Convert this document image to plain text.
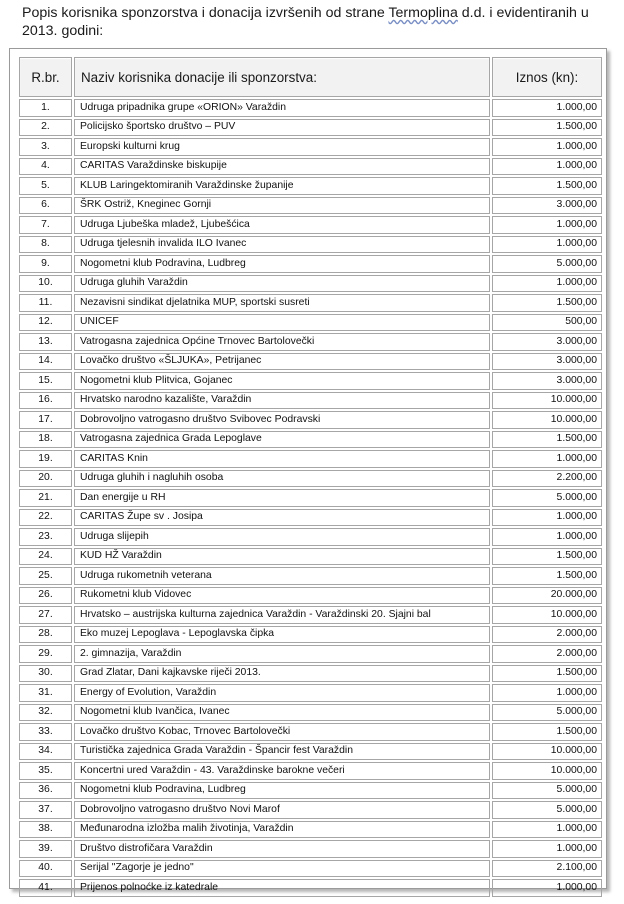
Popis korisnika sponzorstva i donacija izvršenih od strane Termoplina d.d. i evidentiranih u 2013. godini:
R.br.	Naziv korisnika donacije ili sponzorstva:	Iznos (kn):
1.	Udruga pripadnika grupe «ORION» Varaždin	1.000,00
2.	Policijsko športsko društvo – PUV	1.500,00
3.	Europski kulturni krug	1.000,00
4.	CARITAS Varaždinske biskupije	1.000,00
5.	KLUB Laringektomiranih Varaždinske županije	1.500,00
6.	ŠRK Ostriž, Kneginec Gornji	3.000,00
7.	Udruga Ljubeška mladež, Ljubešćica	1.000,00
8.	Udruga tjelesnih invalida ILO Ivanec	1.000,00
9.	Nogometni klub Podravina, Ludbreg	5.000,00
10.	Udruga gluhih Varaždin	1.000,00
11.	Nezavisni sindikat djelatnika MUP, sportski susreti	1.500,00
12.	UNICEF	500,00
13.	Vatrogasna zajednica Općine Trnovec Bartolovečki	3.000,00
14.	Lovačko društvo «ŠLJUKA», Petrijanec	3.000,00
15.	Nogometni klub Plitvica, Gojanec	3.000,00
16.	Hrvatsko narodno kazalište, Varaždin	10.000,00
17.	Dobrovoljno vatrogasno društvo Svibovec Podravski	10.000,00
18.	Vatrogasna zajednica Grada Lepoglave	1.500,00
19.	CARITAS Knin	1.000,00
20.	Udruga gluhih i nagluhih osoba	2.200,00
21.	Dan energije u RH	5.000,00
22.	CARITAS Župe sv . Josipa	1.000,00
23.	Udruga slijepih	1.000,00
24.	KUD HŽ Varaždin	1.500,00
25.	Udruga rukometnih veterana	1.500,00
26.	Rukometni klub Vidovec	20.000,00
27.	Hrvatsko – austrijska kulturna zajednica Varaždin - Varaždinski 20. Sjajni bal	10.000,00
28.	Eko muzej Lepoglava - Lepoglavska čipka	2.000,00
29.	2. gimnazija, Varaždin	2.000,00
30.	Grad Zlatar, Dani kajkavske riječi 2013.	1.500,00
31.	Energy of Evolution, Varaždin	1.000,00
32.	Nogometni klub Ivančica, Ivanec	5.000,00
33.	Lovačko društvo Kobac, Trnovec Bartolovečki	1.500,00
34.	Turistička zajednica Grada Varaždin - Špancir fest Varaždin	10.000,00
35.	Koncertni ured Varaždin - 43. Varaždinske barokne večeri	10.000,00
36.	Nogometni klub Podravina, Ludbreg	5.000,00
37.	Dobrovoljno vatrogasno društvo Novi Marof	5.000,00
38.	Međunarodna izložba malih životinja, Varaždin	1.000,00
39.	Društvo distrofičara Varaždin	1.000,00
40.	Serijal "Zagorje je jedno"	2.100,00
41.	Prijenos polnoćke iz katedrale	1.000,00
